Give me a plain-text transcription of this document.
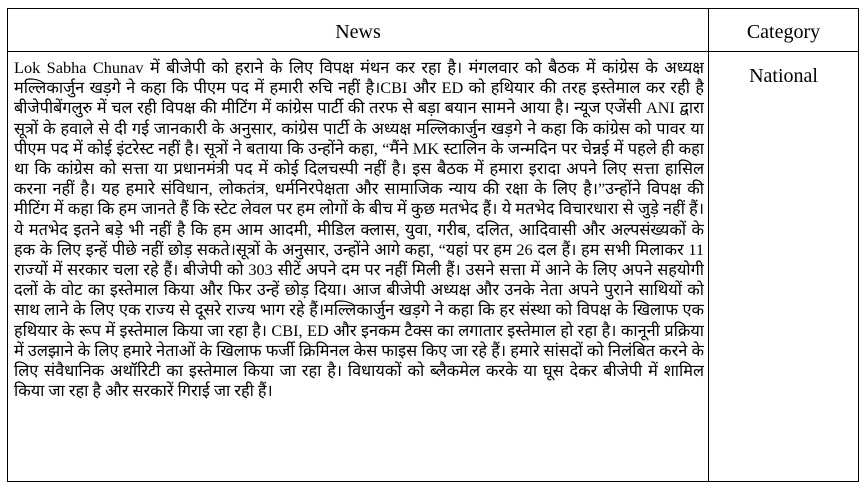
News	Category
Lok Sabha Chunav में बीजेपी को हराने के लिए विपक्ष मंथन कर रहा है। मंगलवार को बैठक में कांग्रेस के अध्यक्ष मल्लिकार्जुन खड़गे ने कहा कि पीएम पद में हमारी रुचि नहीं है।CBI और ED को हथियार की तरह इस्तेमाल कर रही है बीजेपीबेंगलुरु में चल रही विपक्ष की मीटिंग में कांग्रेस पार्टी की तरफ से बड़ा बयान सामने आया है। न्यूज एजेंसी ANI द्वारा सूत्रों के हवाले से दी गई जानकारी के अनुसार, कांग्रेस पार्टी के अध्यक्ष मल्लिकार्जुन खड़गे ने कहा कि कांग्रेस को पावर या पीएम पद में कोई इंटरेस्ट नहीं है। सूत्रों ने बताया कि उन्होंने कहा, “मैंने MK स्टालिन के जन्मदिन पर चेन्नई में पहले ही कहा था कि कांग्रेस को सत्ता या प्रधानमंत्री पद में कोई दिलचस्पी नहीं है। इस बैठक में हमारा इरादा अपने लिए सत्ता हासिल करना नहीं है। यह हमारे संविधान, लोकतंत्र, धर्मनिरपेक्षता और सामाजिक न्याय की रक्षा के लिए है।”उन्होंने विपक्ष की मीटिंग में कहा कि हम जानते हैं कि स्टेट लेवल पर हम लोगों के बीच में कुछ मतभेद हैं। ये मतभेद विचारधारा से जुड़े नहीं हैं। ये मतभेद इतने बड़े भी नहीं है कि हम आम आदमी, मीडिल क्लास, युवा, गरीब, दलित, आदिवासी और अल्पसंख्यकों के हक के लिए इन्हें पीछे नहीं छोड़ सकते।सूत्रों के अनुसार, उन्होंने आगे कहा, “यहां पर हम 26 दल हैं। हम सभी मिलाकर 11 राज्यों में सरकार चला रहे हैं। बीजेपी को 303 सीटें अपने दम पर नहीं मिली हैं। उसने सत्ता में आने के लिए अपने सहयोगी दलों के वोट का इस्तेमाल किया और फिर उन्हें छोड़ दिया। आज बीजेपी अध्यक्ष और उनके नेता अपने पुराने साथियों को साथ लाने के लिए एक राज्य से दूसरे राज्य भाग रहे हैं।मल्लिकार्जुन खड़गे ने कहा कि हर संस्था को विपक्ष के खिलाफ एक हथियार के रूप में इस्तेमाल किया जा रहा है। CBI, ED और इनकम टैक्स का लगातार इस्तेमाल हो रहा है। कानूनी प्रक्रिया में उलझाने के लिए हमारे नेताओं के खिलाफ फर्जी क्रिमिनल केस फाइस किए जा रहे हैं। हमारे सांसदों को निलंबित करने के लिए संवैधानिक अथॉरिटी का इस्तेमाल किया जा रहा है। विधायकों को ब्लैकमेल करके या घूस देकर बीजेपी में शामिल किया जा रहा है और सरकारें गिराई जा रही हैं।
National
